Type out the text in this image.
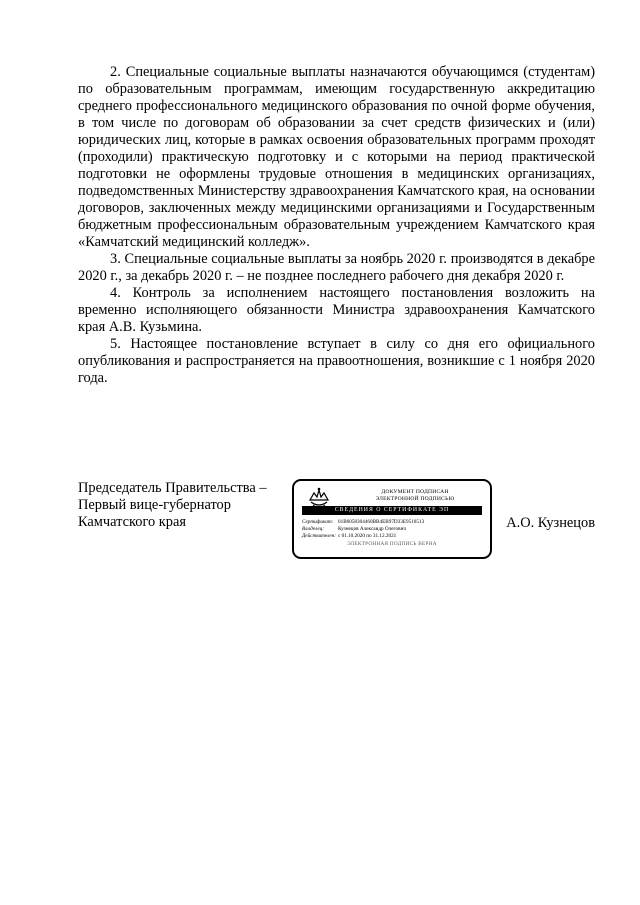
2. Специальные социальные выплаты назначаются обучающимся (студентам) по образовательным программам, имеющим государственную аккредитацию среднего профессионального медицинского образования по очной форме обучения, в том числе по договорам об образовании за счет средств физических и (или) юридических лиц, которые в рамках освоения образовательных программ проходят (проходили) практическую подготовку и с которыми на период практической подготовки не оформлены трудовые отношения в медицинских организациях, подведомственных Министерству здравоохранения Камчатского края, на основании договоров, заключенных между медицинскими организациями и Государственным бюджетным профессиональным образовательным учреждением Камчатского края «Камчатский медицинский колледж».

3. Специальные социальные выплаты за ноябрь 2020 г. производятся в декабре 2020 г., за декабрь 2020 г. – не позднее последнего рабочего дня декабря 2020 г.

4. Контроль за исполнением настоящего постановления возложить на временно исполняющего обязанности Министра здравоохранения Камчатского края А.В. Кузьмина.

5. Настоящее постановление вступает в силу со дня его официального опубликования и распространяется на правоотношения, возникшие с 1 ноября 2020 года.

Председатель Правительства –
Первый вице-губернатор
Камчатского края
ДОКУМЕНТ ПОДПИСАН
ЭЛЕКТРОННОЙ ПОДПИСЬЮ
СВЕДЕНИЯ О СЕРТИФИКАТЕ ЭП
Сертификат: 01B6058304460BB4EB97D33E9510513
Владелец:	Кузнецов Александр Олегович
Действителен: с 01.10.2020 по 31.12.2021
ЭЛЕКТРОННАЯ ПОДПИСЬ ВЕРНА
А.О. Кузнецов
